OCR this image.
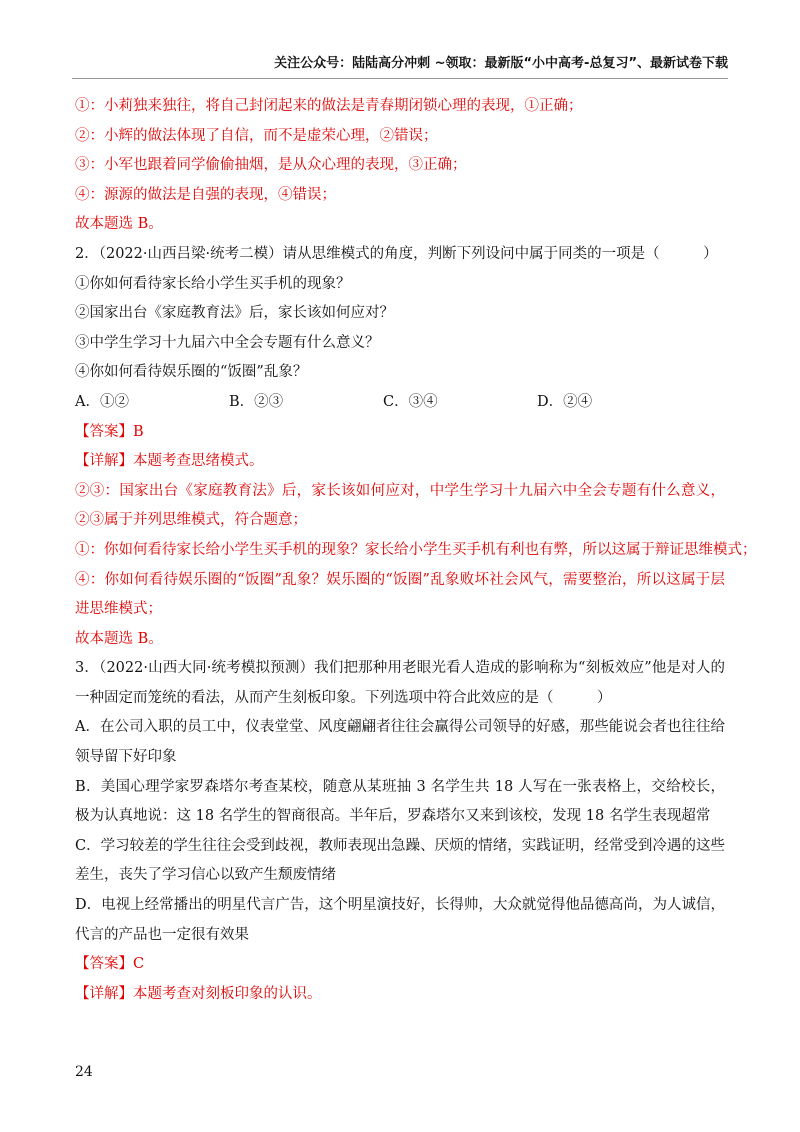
关注公众号：陆陆高分冲刺 ~领取：最新版“小中高考-总复习”、最新试卷下载
①：小莉独来独往，将自己封闭起来的做法是青春期闭锁心理的表现，①正确；
②：小辉的做法体现了自信，而不是虚荣心理，②错误；
③：小军也跟着同学偷偷抽烟，是从众心理的表现，③正确；
④：源源的做法是自强的表现，④错误；
故本题选 B。
2．（2022·山西吕梁·统考二模）请从思维模式的角度，判断下列设问中属于同类的一项是（　　　）
①你如何看待家长给小学生买手机的现象？
②国家出台《家庭教育法》后，家长该如何应对？
③中学生学习十九届六中全会专题有什么意义？
④你如何看待娱乐圈的“饭圈”乱象？
A．①②	B．②③	C．③④	D．②④
【答案】B
【详解】本题考查思绪模式。
②③：国家出台《家庭教育法》后，家长该如何应对，中学生学习十九届六中全会专题有什么意义，②③属于并列思维模式，符合题意；
①：你如何看待家长给小学生买手机的现象？家长给小学生买手机有利也有弊，所以这属于辩证思维模式；
④：你如何看待娱乐圈的“饭圈”乱象？娱乐圈的“饭圈”乱象败坏社会风气，需要整治，所以这属于层进思维模式；
故本题选 B。
3．（2022·山西大同·统考模拟预测）我们把那种用老眼光看人造成的影响称为“刻板效应”他是对人的一种固定而笼统的看法，从而产生刻板印象。下列选项中符合此效应的是（　　　）
A．在公司入职的员工中，仪表堂堂、风度翩翩者往往会赢得公司领导的好感，那些能说会者也往往给领导留下好印象
B．美国心理学家罗森塔尔考查某校，随意从某班抽 3 名学生共 18 人写在一张表格上，交给校长，极为认真地说：这 18 名学生的智商很高。半年后，罗森塔尔又来到该校，发现 18 名学生表现超常
C．学习较差的学生往往会受到歧视，教师表现出急躁、厌烦的情绪，实践证明，经常受到冷遇的这些差生，丧失了学习信心以致产生颓废情绪
D．电视上经常播出的明星代言广告，这个明星演技好，长得帅，大众就觉得他品德高尚，为人诚信，代言的产品也一定很有效果
【答案】C
【详解】本题考查对刻板印象的认识。
24
